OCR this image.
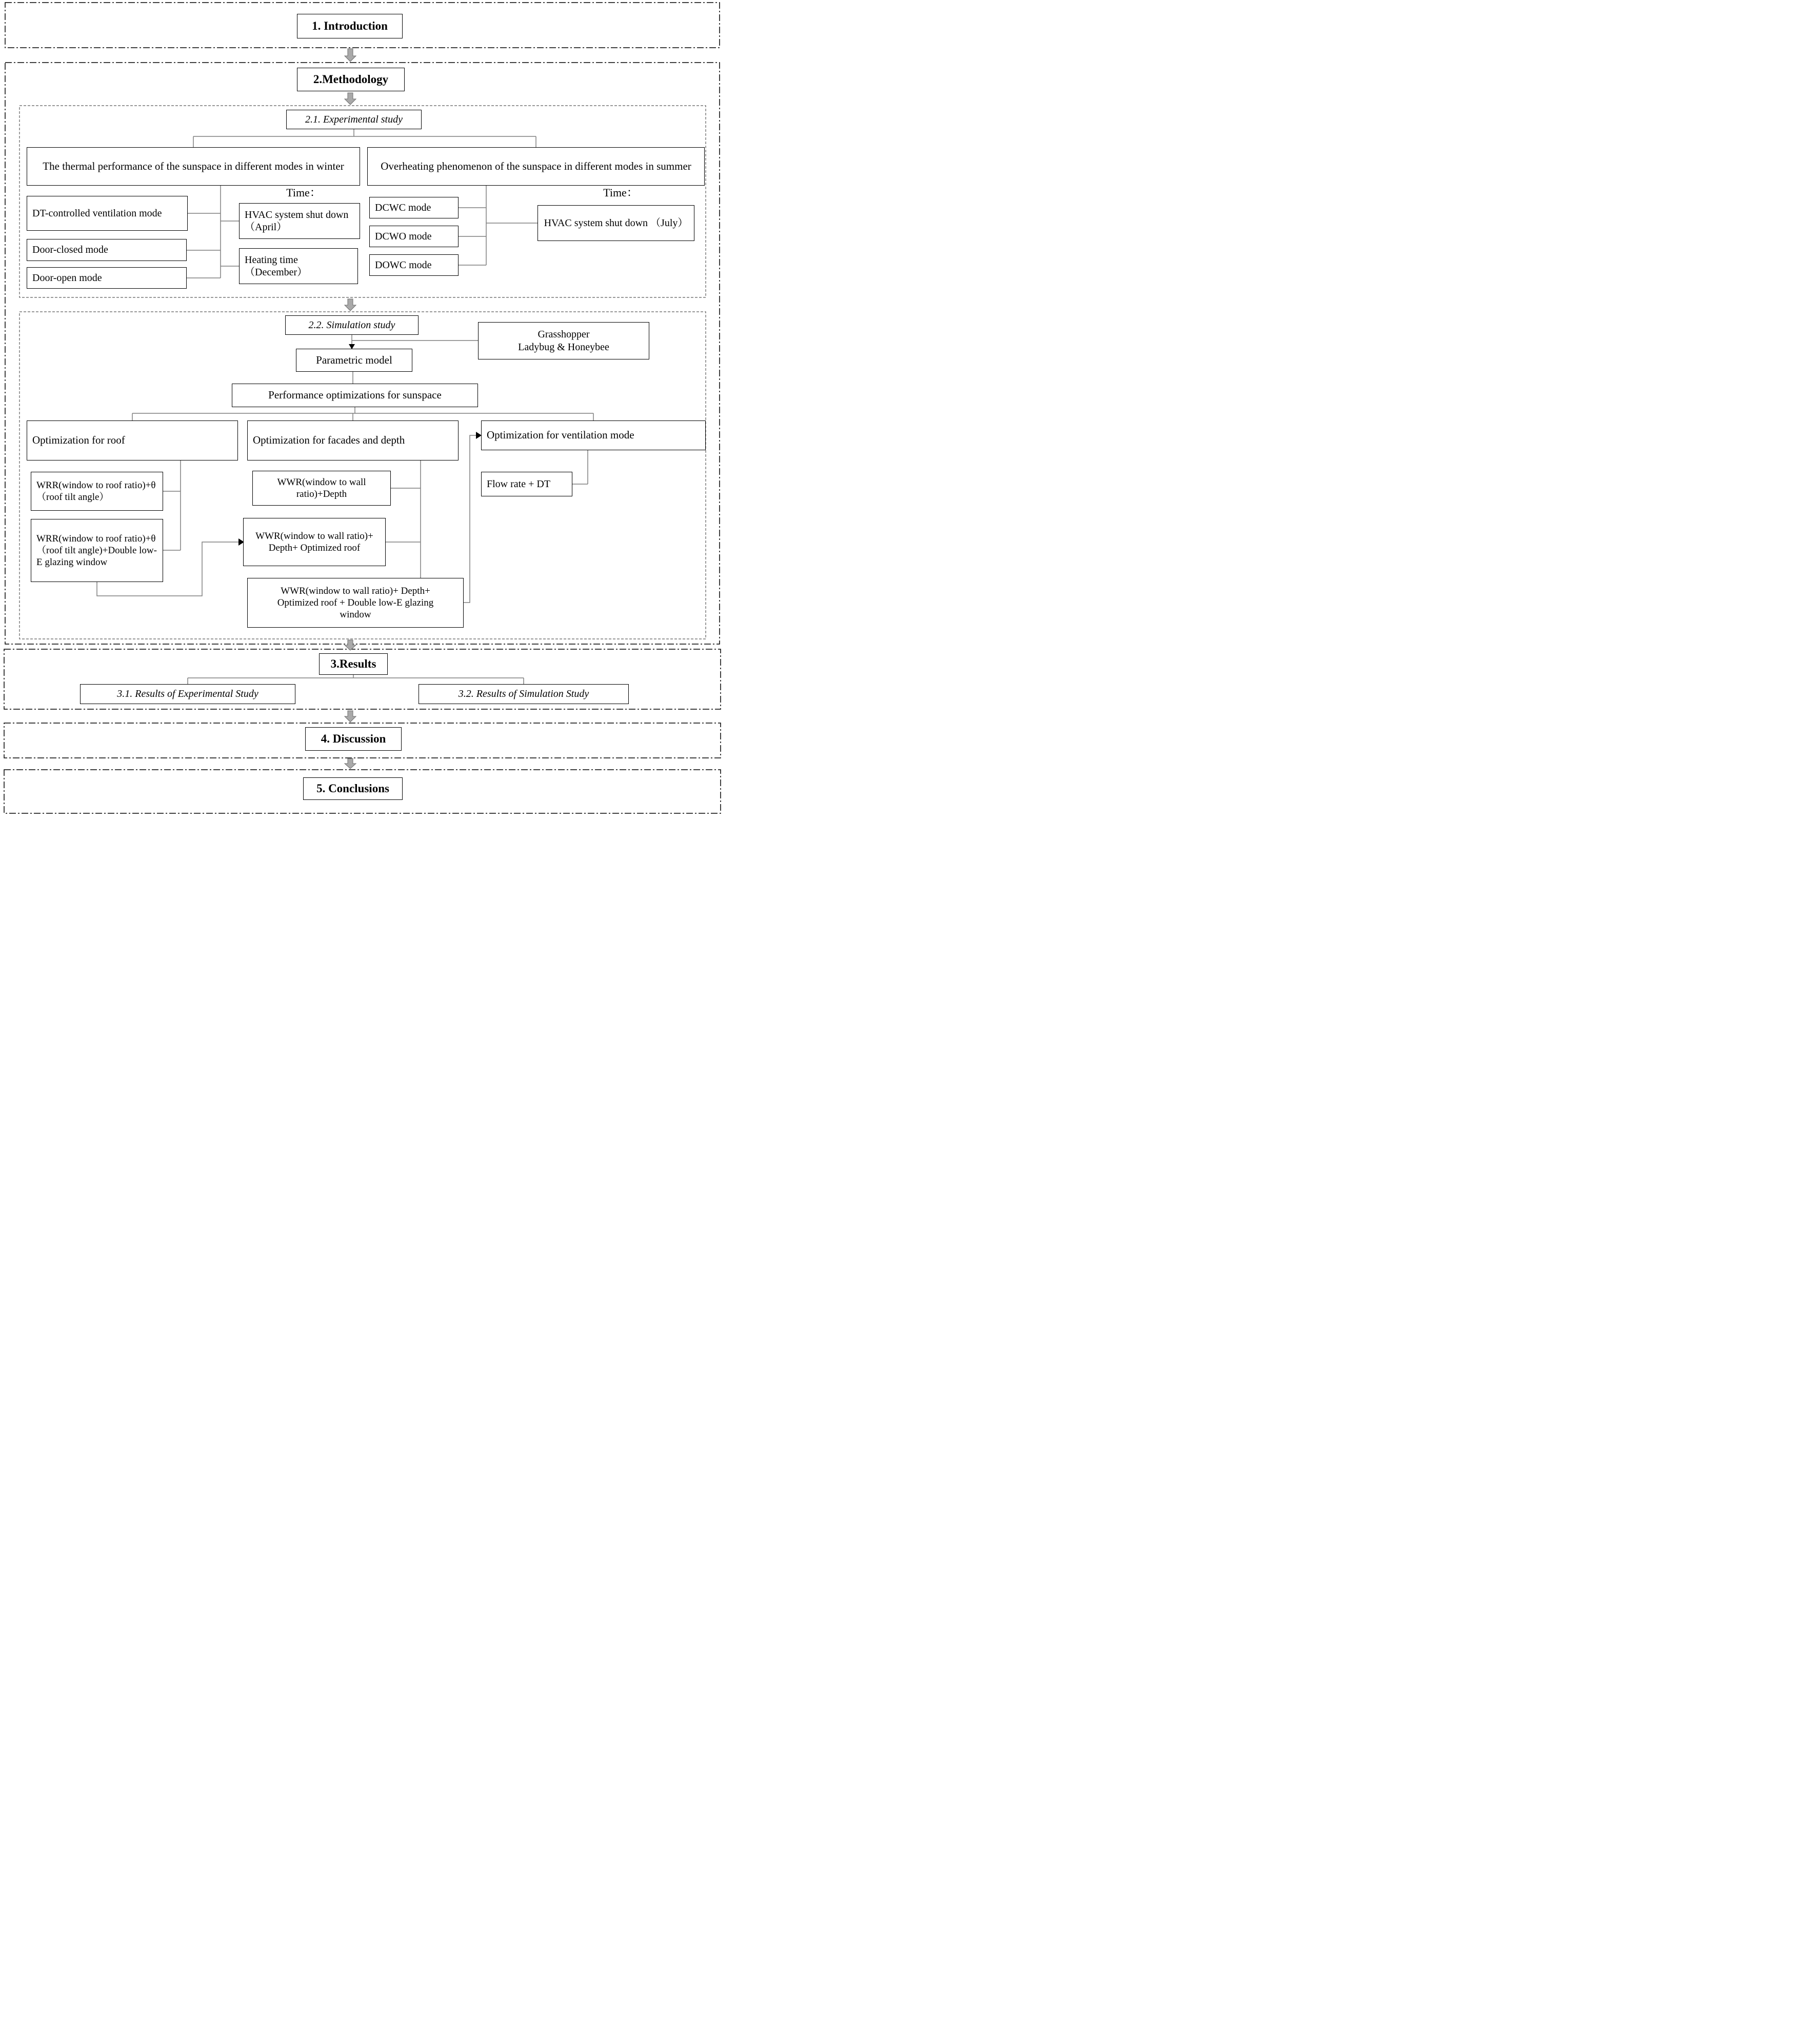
1. Introduction
2.Methodology
2.1. Experimental study
The thermal performance of the sunspace in different modes in winter	Overheating phenomenon of the sunspace in different modes in summer
DT-controlled ventilation mode
Door-closed mode
Door-open mode
Time：
HVAC system shut down （April）
Heating time （December）
DCWC mode
DCWO mode
DOWC mode
Time：
HVAC system shut down （July）
2.2. Simulation study
Grasshopper
Ladybug & Honeybee
Parametric model
Performance optimizations for sunspace
Optimization for roof	Optimization for facades and depth	Optimization for ventilation mode
WRR(window to roof ratio)+θ （roof tilt angle）
WRR(window to roof ratio)+θ （roof tilt angle)+Double low-E glazing window
WWR(window to wall ratio)+Depth
WWR(window to wall ratio)+ Depth+ Optimized roof
WWR(window to wall ratio)+ Depth+ Optimized roof + Double low-E glazing window
Flow rate + DT
3.Results
3.1. Results of Experimental Study	3.2. Results of Simulation Study
4. Discussion
5. Conclusions
